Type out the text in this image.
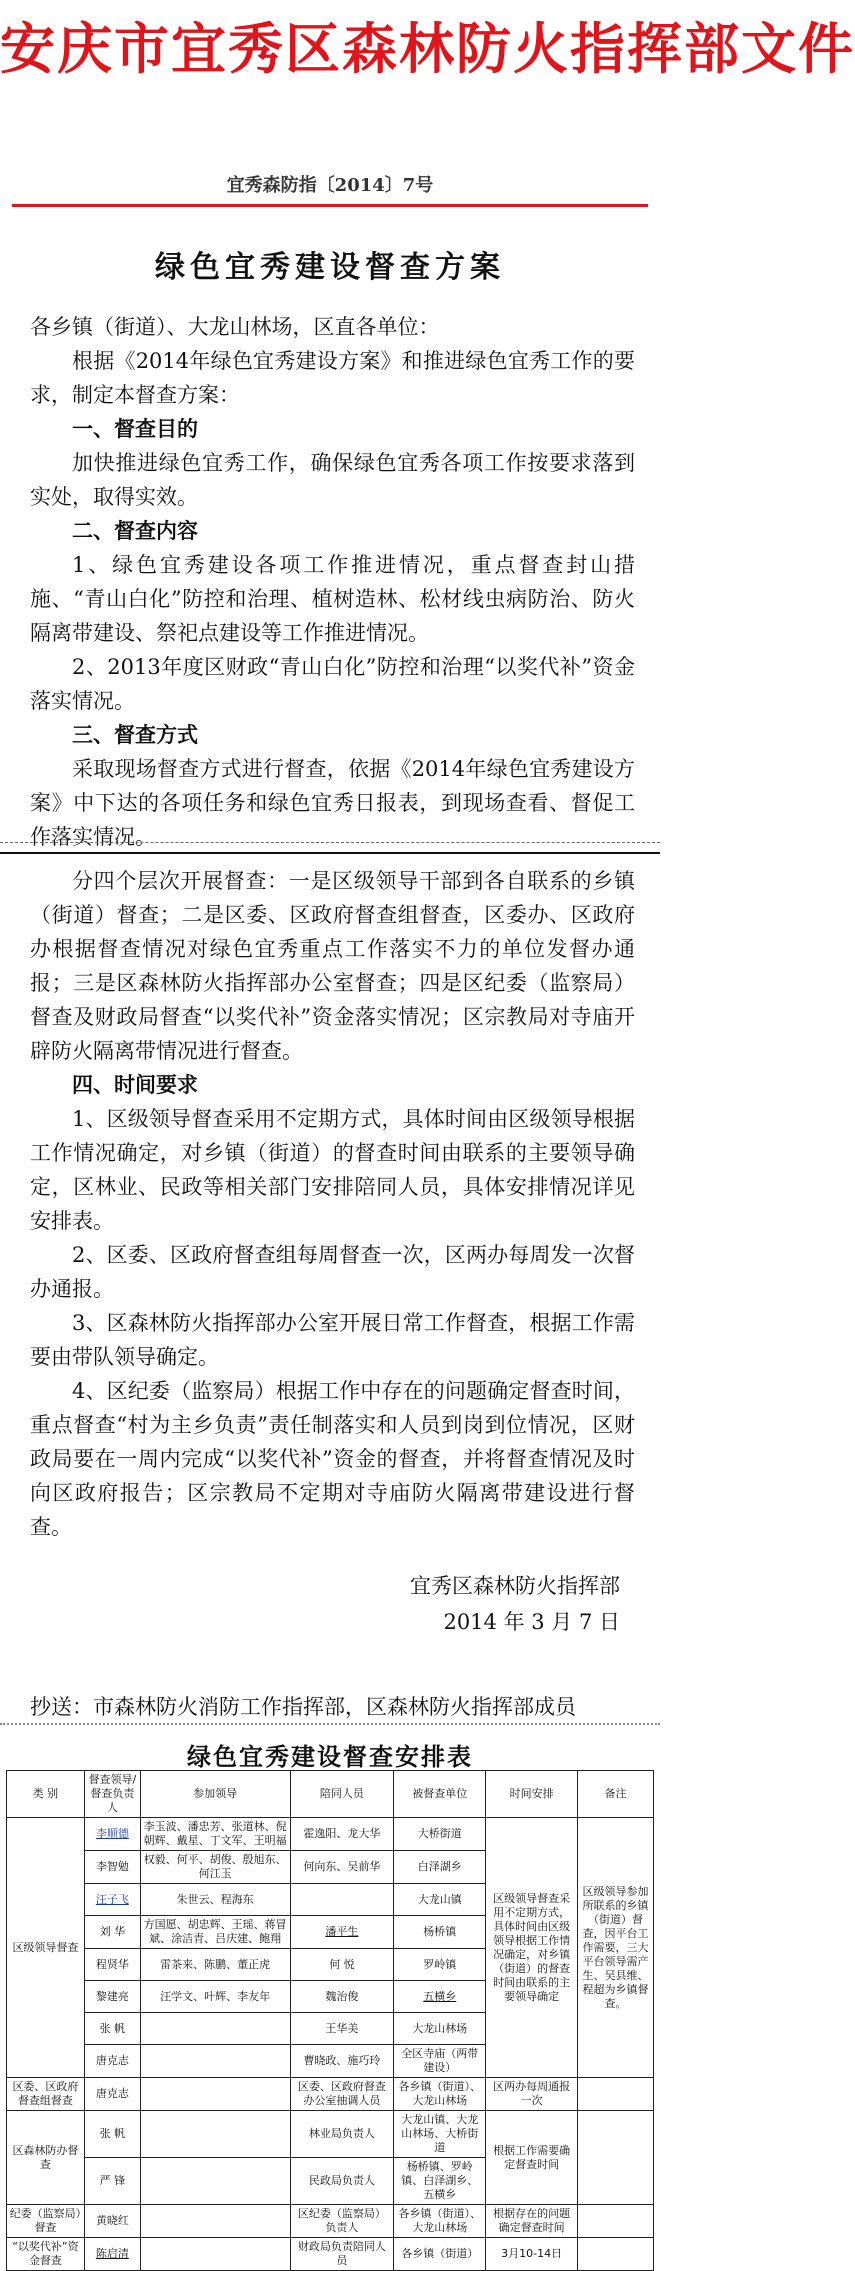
安庆市宜秀区森林防火指挥部文件
宜秀森防指〔2014〕7号
绿色宜秀建设督查方案

各乡镇（街道）、大龙山林场，区直各单位：

根据《2014年绿色宜秀建设方案》和推进绿色宜秀工作的要求，制定本督查方案：

一、督查目的

加快推进绿色宜秀工作，确保绿色宜秀各项工作按要求落到实处，取得实效。

二、督查内容

1、绿色宜秀建设各项工作推进情况，重点督查封山措施、“青山白化”防控和治理、植树造林、松材线虫病防治、防火隔离带建设、祭祀点建设等工作推进情况。

2、2013年度区财政“青山白化”防控和治理“以奖代补”资金落实情况。

三、督查方式

采取现场督查方式进行督查，依据《2014年绿色宜秀建设方案》中下达的各项任务和绿色宜秀日报表，到现场查看、督促工作落实情况。

分四个层次开展督查：一是区级领导干部到各自联系的乡镇（街道）督查；二是区委、区政府督查组督查，区委办、区政府办根据督查情况对绿色宜秀重点工作落实不力的单位发督办通报；三是区森林防火指挥部办公室督查；四是区纪委（监察局）督查及财政局督查“以奖代补”资金落实情况；区宗教局对寺庙开辟防火隔离带情况进行督查。

四、时间要求

1、区级领导督查采用不定期方式，具体时间由区级领导根据工作情况确定，对乡镇（街道）的督查时间由联系的主要领导确定，区林业、民政等相关部门安排陪同人员，具体安排情况详见安排表。

2、区委、区政府督查组每周督查一次，区两办每周发一次督办通报。

3、区森林防火指挥部办公室开展日常工作督查，根据工作需要由带队领导确定。

4、区纪委（监察局）根据工作中存在的问题确定督查时间，重点督查“村为主乡负责”责任制落实和人员到岗到位情况，区财政局要在一周内完成“以奖代补”资金的督查，并将督查情况及时向区政府报告；区宗教局不定期对寺庙防火隔离带建设进行督查。

宜秀区森林防火指挥部
2014 年 3 月 7 日
抄送：市森林防火消防工作指挥部，区森林防火指挥部成员
绿色宜秀建设督查安排表
类 别	督查领导/督查负责人	参加领导	陪同人员	被督查单位	时间安排	备注
区级领导督查	李顺德	李玉波、潘忠芳、张道林、倪朝辉、戴星、丁文军、王明福	霍逸阳、龙大华	大桥街道	区级领导督查采用不定期方式，具体时间由区级领导根据工作情况确定，对乡镇（街道）的督查时间由联系的主要领导确定	区级领导参加所联系的乡镇（街道）督查，因平台工作需要，三大平台领导需产生、吴县维、程超为乡镇督查。
	李智勉	权毅、何平、胡俊、殷旭东、何江玉	何向东、吴前华	白泽湖乡		
	汪子飞	朱世云、程海东		大龙山镇		
	刘 华	方国愿、胡忠辉、王瑶、蒋冒斌、涂洁青、吕庆建、鲍翔	潘平生	杨桥镇		
	程贤华	雷茶来、陈鹏、董正虎	何 悦	罗岭镇		
	黎建亮	汪学文、叶辉、李友年	魏治俊	五横乡		
	张 帆		王华美	大龙山林场		
	唐克志		曹晓政、施巧玲	全区寺庙（两带建设）		
区委、区政府督查组督查	唐克志		区委、区政府督查办公室抽调人员	各乡镇（街道）、大龙山林场	区两办每周通报一次	
区森林防办督查	张 帆		林业局负责人	大龙山镇、大龙山林场、大桥街道	根据工作需要确定督查时间	
	严 锋		民政局负责人	杨桥镇、罗岭镇、白泽湖乡、五横乡		
纪委（监察局）督查	黄晓红		区纪委（监察局）负责人	各乡镇（街道）、大龙山林场	根据存在的问题确定督查时间	
“以奖代补”资金督查	陈启清		财政局负责陪同人员	各乡镇（街道）	3月10-14日	
